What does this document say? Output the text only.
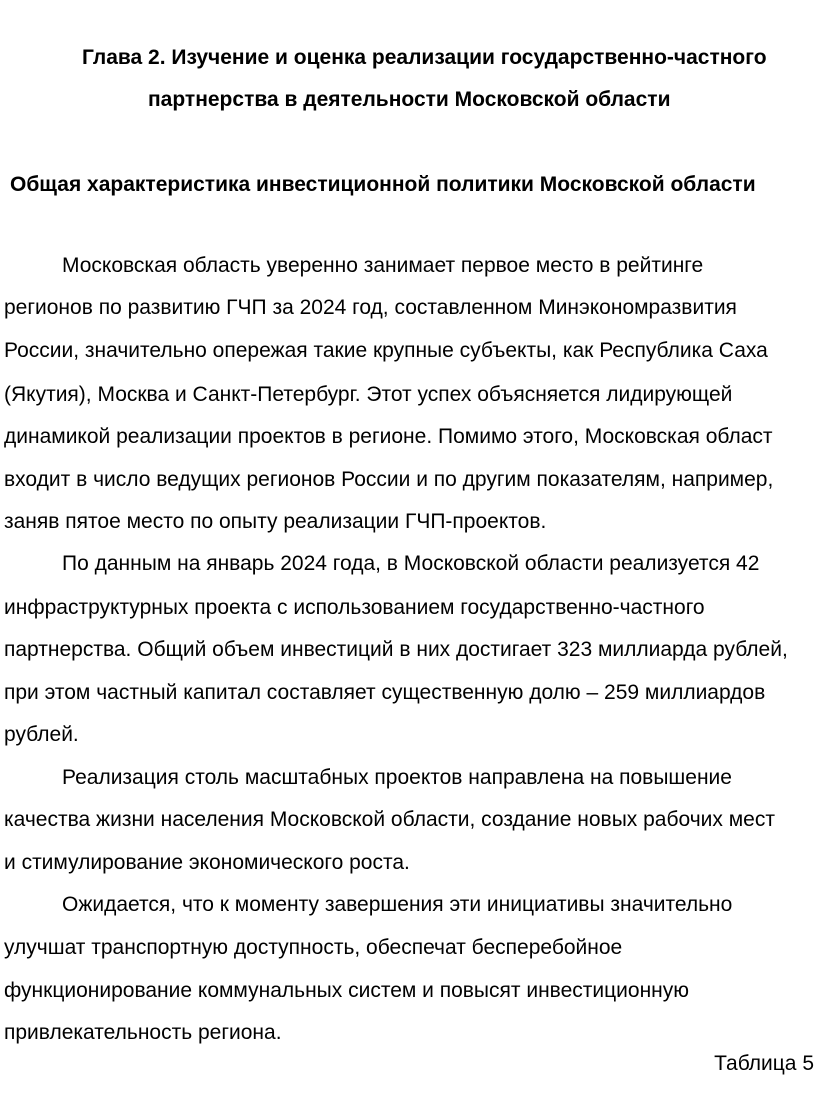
Глава 2. Изучение и оценка реализации государственно-частного

партнерства в деятельности Московской области

Общая характеристика инвестиционной политики Московской области

Московская область уверенно занимает первое место в рейтинге

регионов по развитию ГЧП за 2024 год, составленном Минэкономразвития

России, значительно опережая такие крупные субъекты, как Республика Саха

(Якутия), Москва и Санкт-Петербург. Этот успех объясняется лидирующей

динамикой реализации проектов в регионе. Помимо этого, Московская област

входит в число ведущих регионов России и по другим показателям, например,

заняв пятое место по опыту реализации ГЧП-проектов.

По данным на январь 2024 года, в Московской области реализуется 42

инфраструктурных проекта с использованием государственно-частного

партнерства. Общий объем инвестиций в них достигает 323 миллиарда рублей,

при этом частный капитал составляет существенную долю – 259 миллиардов

рублей.

Реализация столь масштабных проектов направлена на повышение

качества жизни населения Московской области, создание новых рабочих мест

и стимулирование экономического роста.

Ожидается, что к моменту завершения эти инициативы значительно

улучшат транспортную доступность, обеспечат бесперебойное

функционирование коммунальных систем и повысят инвестиционную

привлекательность региона.

Таблица 5
